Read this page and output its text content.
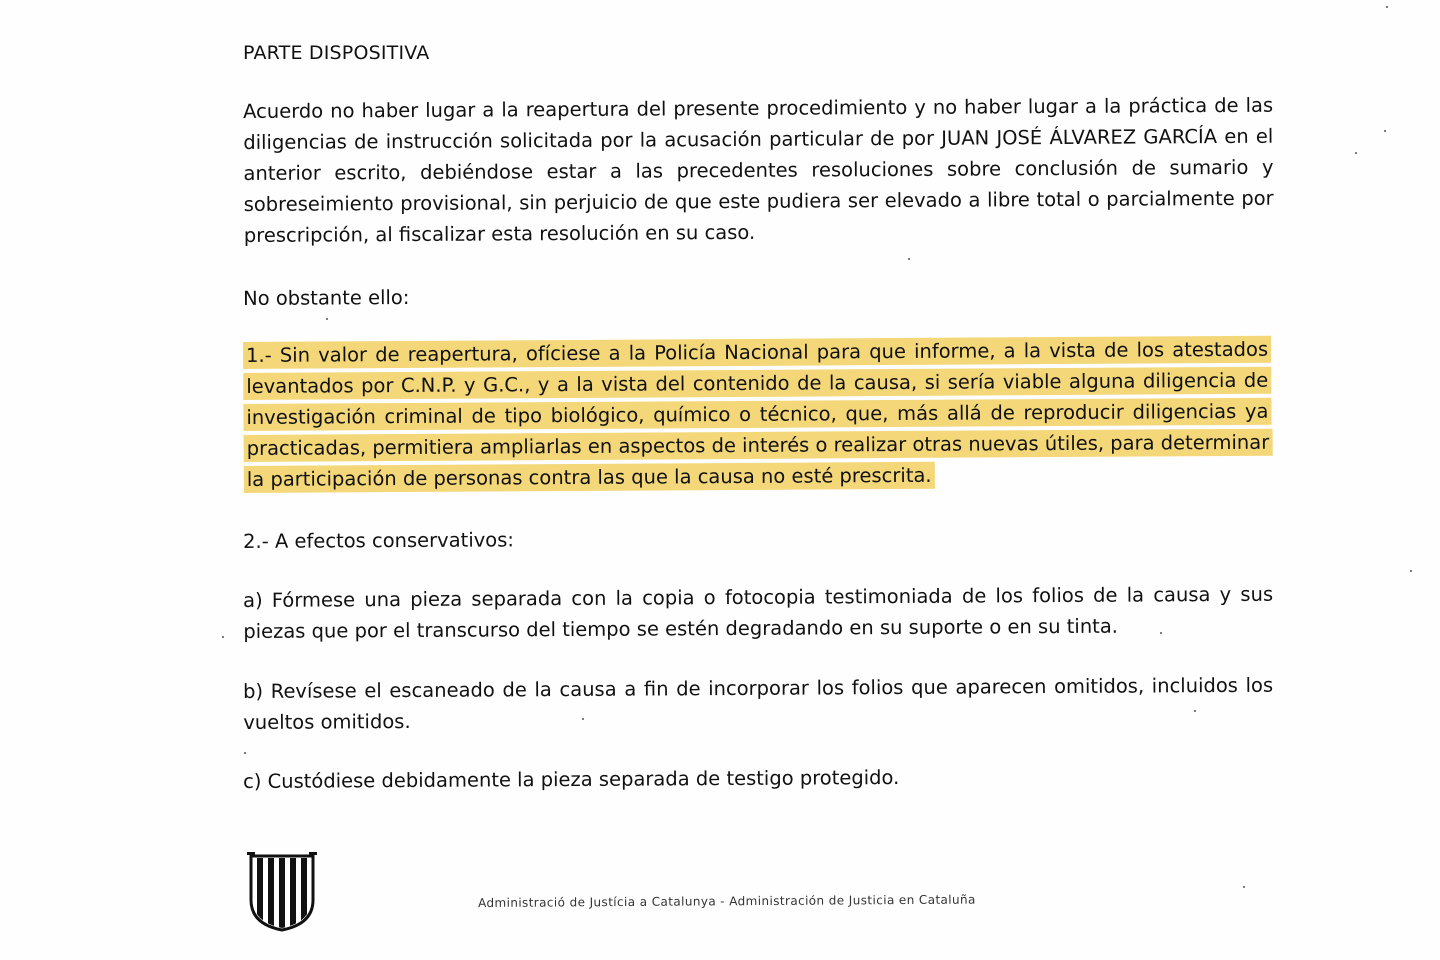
PARTE DISPOSITIVA
Acuerdo no haber lugar a la reapertura del presente procedimiento y no haber lugar a la práctica de las diligencias de instrucción solicitada por la acusación particular de por JUAN JOSÉ ÁLVAREZ GARCÍA en el anterior escrito, debiéndose estar a las precedentes resoluciones sobre conclusión de sumario y sobreseimiento provisional, sin perjuicio de que este pudiera ser elevado a libre total o parcialmente por prescripción, al fiscalizar esta resolución en su caso.
No obstante ello:
1.- Sin valor de reapertura, ofíciese a la Policía Nacional para que informe, a la vista de los atestados levantados por C.N.P. y G.C., y a la vista del contenido de la causa, si sería viable alguna diligencia de investigación criminal de tipo biológico, químico o técnico, que, más allá de reproducir diligencias ya practicadas, permitiera ampliarlas en aspectos de interés o realizar otras nuevas útiles, para determinar la participación de personas contra las que la causa no esté prescrita.
2.- A efectos conservativos:
a) Fórmese una pieza separada con la copia o fotocopia testimoniada de los folios de la causa y sus piezas que por el transcurso del tiempo se estén degradando en su suporte o en su tinta.
b) Revísese el escaneado de la causa a fin de incorporar los folios que aparecen omitidos, incluidos los vueltos omitidos.
c) Custódiese debidamente la pieza separada de testigo protegido.
Administració de Justícia a Catalunya - Administración de Justicia en Cataluña
